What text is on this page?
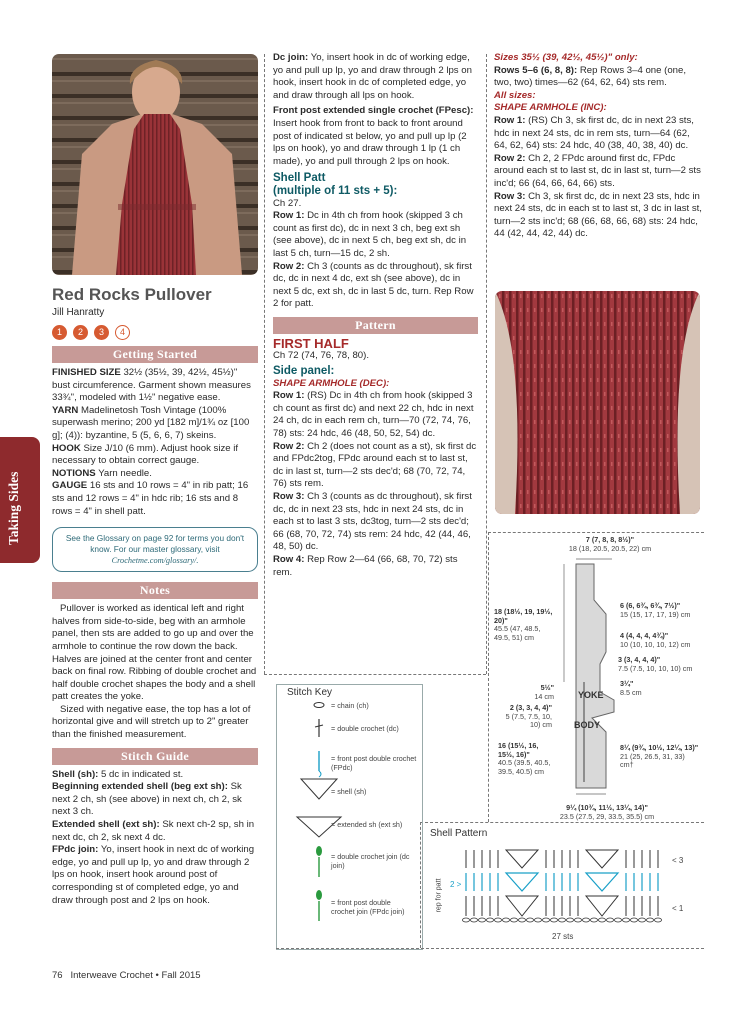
Taking Sides
Red Rocks Pullover
Jill Hanratty
1	2	3	4
Getting Started

FINISHED SIZE 32½ (35½, 39, 42½, 45½)" bust circumference. Garment shown measures 33¾", modeled with 1½" negative ease.

YARN Madelinetosh Tosh Vintage (100% superwash merino; 200 yd [182 m]/1¾ oz [100 g]; (4)): byzantine, 5 (5, 6, 6, 7) skeins.

HOOK Size J/10 (6 mm). Adjust hook size if necessary to obtain correct gauge.

NOTIONS Yarn needle.

GAUGE 16 sts and 10 rows = 4" in rib patt; 16 sts and 12 rows = 4" in hdc rib; 16 sts and 8 rows = 4" in shell patt.

See the Glossary on page 92 for terms you don't know. For our master glossary, visit Crochetme.com/glossary/.
Notes

Pullover is worked as identical left and right halves from side-to-side, beg with an armhole panel, then sts are added to go up and over the armhole to continue the row down the back. Halves are joined at the center front and center back on final row. Ribbing of double crochet and half double crochet shapes the body and a shell patt creates the yoke.

Sized with negative ease, the top has a lot of horizontal give and will stretch up to 2" greater than the finished measurement.

Stitch Guide

Shell (sh): 5 dc in indicated st.

Beginning extended shell (beg ext sh): Sk next 2 ch, sh (see above) in next ch, ch 2, sk next 3 ch.

Extended shell (ext sh): Sk next ch-2 sp, sh in next dc, ch 2, sk next 4 dc.

FPdc join: Yo, insert hook in next dc of working edge, yo and pull up lp, yo and draw through 2 lps on hook, insert hook around post of corresponding st of completed edge, yo and draw through post and 2 lps on hook.

Dc join: Yo, insert hook in dc of working edge, yo and pull up lp, yo and draw through 2 lps on hook, insert hook in dc of completed edge, yo and draw through all lps on hook.

Front post extended single crochet (FPesc): Insert hook from front to back to front around post of indicated st below, yo and pull up lp (2 lps on hook), yo and draw through 1 lp (1 ch made), yo and pull through 2 lps on hook.

Shell Patt
(multiple of 11 sts + 5):

Ch 27.

Row 1: Dc in 4th ch from hook (skipped 3 ch count as first dc), dc in next 3 ch, beg ext sh (see above), dc in next 5 ch, beg ext sh, dc in last 5 ch, turn—15 dc, 2 sh.

Row 2: Ch 3 (counts as dc throughout), sk first dc, dc in next 4 dc, ext sh (see above), dc in next 5 dc, ext sh, dc in last 5 dc, turn. Rep Row 2 for patt.

Pattern
FIRST HALF

Ch 72 (74, 76, 78, 80).

Side panel:
SHAPE ARMHOLE (DEC):

Row 1: (RS) Dc in 4th ch from hook (skipped 3 ch count as first dc) and next 22 ch, hdc in next 24 ch, dc in each rem ch, turn—70 (72, 74, 76, 78) sts: 24 hdc, 46 (48, 50, 52, 54) dc.

Row 2: Ch 2 (does not count as a st), sk first dc and FPdc2tog, FPdc around each st to last st, dc in last st, turn—2 sts dec'd; 68 (70, 72, 74, 76) sts rem.

Row 3: Ch 3 (counts as dc throughout), sk first dc, dc in next 23 sts, hdc in next 24 sts, dc in each st to last 3 sts, dc3tog, turn—2 sts dec'd; 66 (68, 70, 72, 74) sts rem: 24 hdc, 42 (44, 46, 48, 50) dc.

Row 4: Rep Row 2—64 (66, 68, 70, 72) sts rem.

Sizes 35½ (39, 42½, 45½)" only:

Rows 5–6 (6, 8, 8): Rep Rows 3–4 one (one, two, two) times—62 (64, 62, 64) sts rem.

All sizes:
SHAPE ARMHOLE (INC):

Row 1: (RS) Ch 3, sk first dc, dc in next 23 sts, hdc in next 24 sts, dc in rem sts, turn—64 (62, 64, 62, 64) sts: 24 hdc, 40 (38, 40, 38, 40) dc.

Row 2: Ch 2, 2 FPdc around first dc, FPdc around each st to last st, dc in last st, turn—2 sts inc'd; 66 (64, 66, 64, 66) sts.

Row 3: Ch 3, sk first dc, dc in next 23 sts, hdc in next 24 sts, dc in each st to last st, 3 dc in last st, turn—2 sts inc'd; 68 (66, 68, 66, 68) sts: 24 hdc, 44 (42, 44, 42, 44) dc.

7 (7, 8, 8, 8½)"
18 (18, 20.5, 20.5, 22) cm
18 (18½, 19, 19½, 20)"
45.5 (47, 48.5, 49.5, 51) cm
6 (6, 6¾, 6¾, 7½)"
15 (15, 17, 17, 19) cm
4 (4, 4, 4, 4¾)"
10 (10, 10, 10, 12) cm
3 (3, 4, 4, 4)"
7.5 (7.5, 10, 10, 10) cm
3¼"
8.5 cm
5½"
14 cm
2 (3, 3, 4, 4)"
5 (7.5, 7.5, 10, 10) cm
YOKE
BODY
16 (15½, 16, 15½, 16)"
40.5 (39.5, 40.5, 39.5, 40.5) cm
8¼ (9¾, 10½, 12¼, 13)"
21 (25, 26.5, 31, 33) cm†
9¼ (10¾, 11½, 13¼, 14)"
23.5 (27.5, 29, 33.5, 35.5) cm
Stitch Key
= chain (ch)
= double crochet (dc)
= front post double crochet (FPdc)
= shell (sh)
= extended sh (ext sh)
= double crochet join (dc join)
= front post double crochet join (FPdc join)
Shell Pattern
rep for patt 2 >
< 3
< 1
27 sts
76 Interweave Crochet • Fall 2015
